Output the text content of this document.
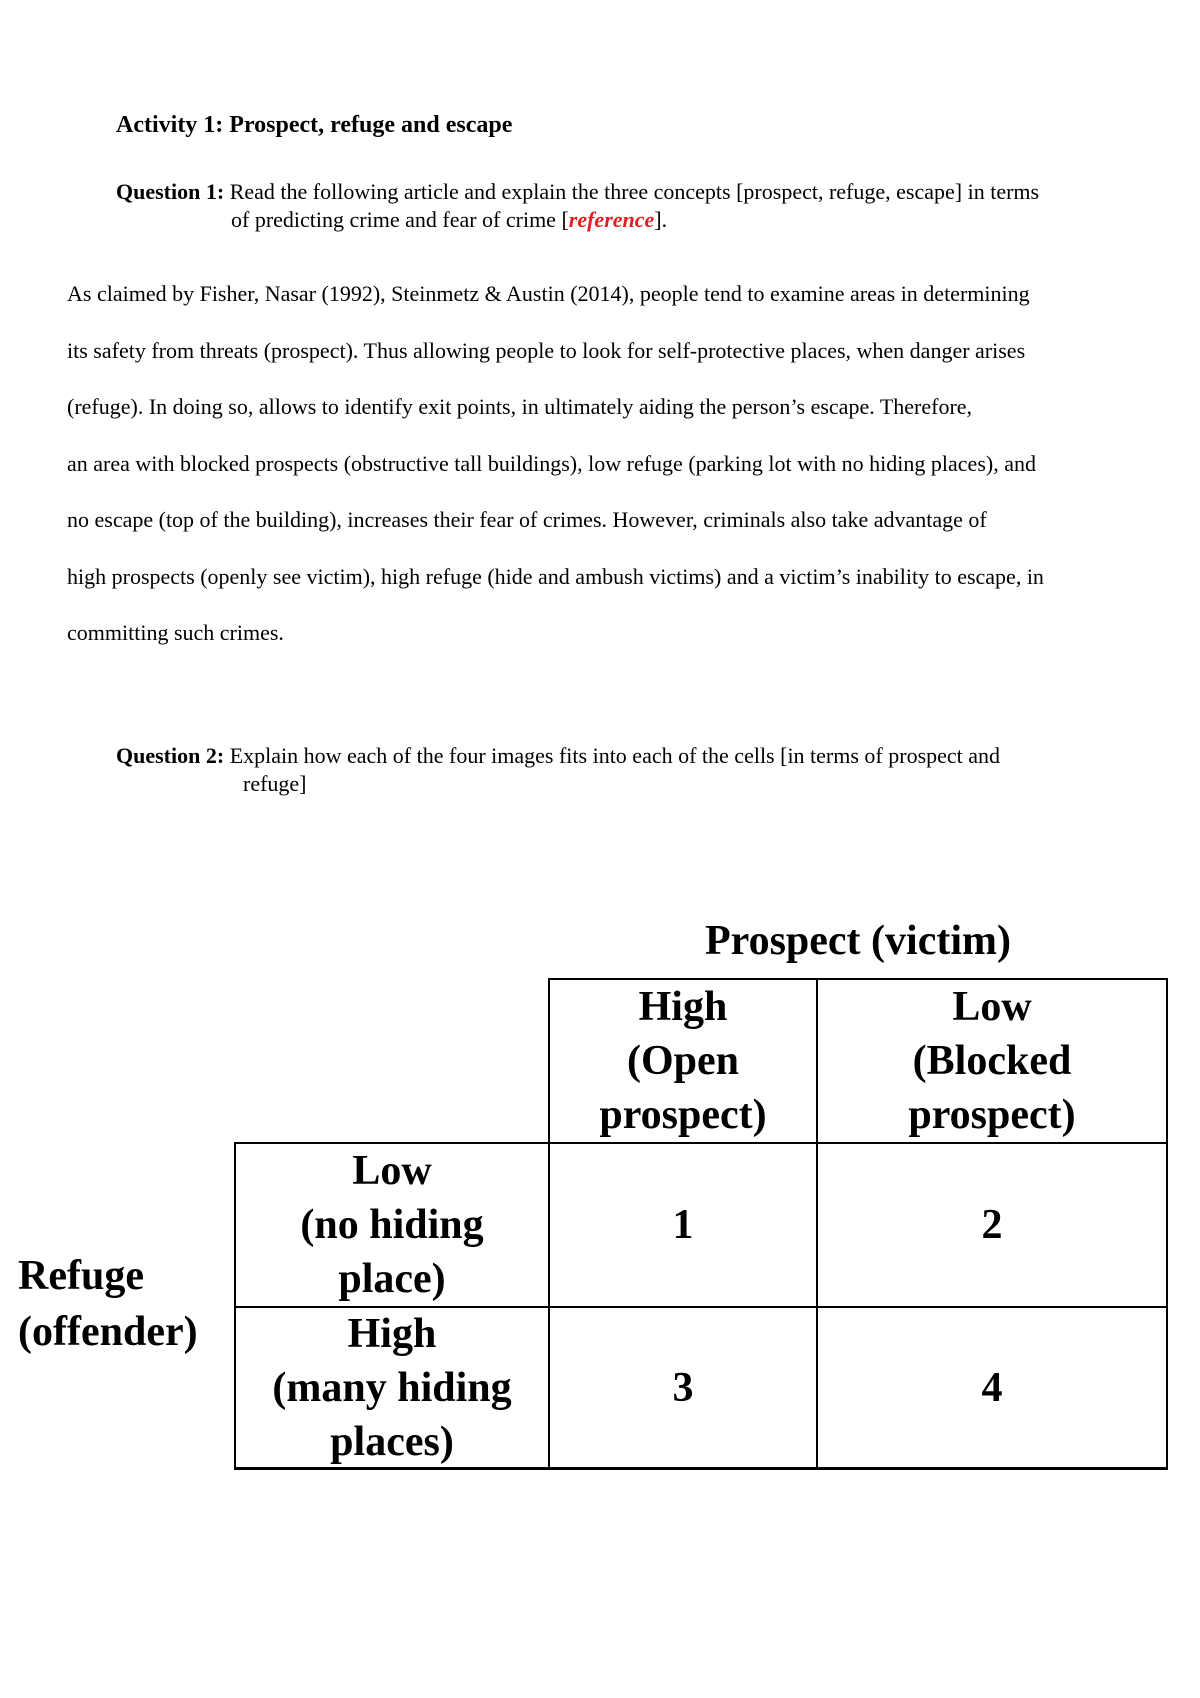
Activity 1: Prospect, refuge and escape
Question 1: Read the following article and explain the three concepts [prospect, refuge, escape] in terms
of predicting crime and fear of crime [reference].
As claimed by Fisher, Nasar (1992), Steinmetz & Austin (2014), people tend to examine areas in determining
its safety from threats (prospect). Thus allowing people to look for self-protective places, when danger arises
(refuge). In doing so, allows to identify exit points, in ultimately aiding the person’s escape. Therefore,
an area with blocked prospects (obstructive tall buildings), low refuge (parking lot with no hiding places), and
no escape (top of the building), increases their fear of crimes. However, criminals also take advantage of
high prospects (openly see victim), high refuge (hide and ambush victims) and a victim’s inability to escape, in
committing such crimes.
Question 2: Explain how each of the four images fits into each of the cells [in terms of prospect and
refuge]
Prospect (victim)
Refuge
(offender)
High
(Open
prospect)
Low
(Blocked
prospect)
Low
(no hiding
place)
High
(many hiding
places)
1	2
3	4
